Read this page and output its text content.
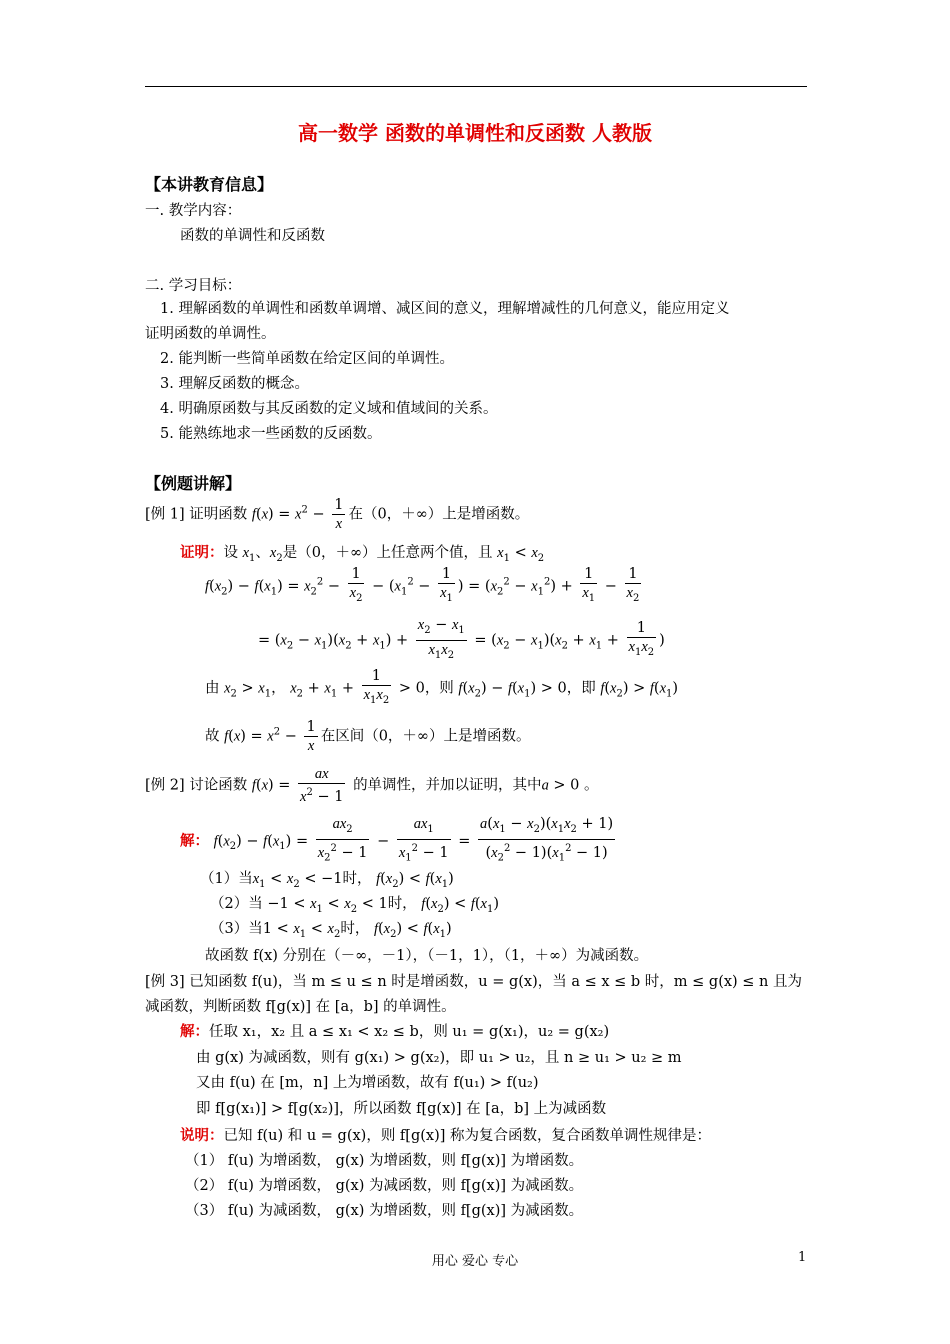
高一数学 函数的单调性和反函数 人教版
【本讲教育信息】
一. 教学内容：
函数的单调性和反函数
二. 学习目标：
1. 理解函数的单调性和函数单调增、减区间的意义，理解增减性的几何意义，能应用定义
证明函数的单调性。
2. 能判断一些简单函数在给定区间的单调性。
3. 理解反函数的概念。
4. 明确原函数与其反函数的定义域和值域间的关系。
5. 能熟练地求一些函数的反函数。
【例题讲解】
[例 1] 证明函数 $f(x) = x^2 - \frac{1}{x}$ 在（0，＋∞）上是增函数。
证明：设 $x_1$、$x_2$是（0，＋∞）上任意两个值，且 $x_1 < x_2$
$f(x_2) - f(x_1) = x_2^2 - \frac{1}{x_2} - (x_1^2 - \frac{1}{x_1}$ ) = $(x_2^2 - x_1^2) + \frac{1}{x_1} - \frac{1}{x_2}$
= $(x_2 - x_1)(x_2 + x_1) + \frac{x_2 - x_1}{x_1x_2} = (x_2 - x_1)(x_2 + x_1 + \frac{1}{x_1x_2}$ )
由 $x_2 > x_1$， $x_2 + x_1 + \frac{1}{x_1x_2} > 0$，则 $f(x_2) - f(x_1) > 0$，即 $f(x_2) > f(x_1)$
故 $f(x) = x^2 - \frac{1}{x}$ 在区间（0，＋∞）上是增函数。
[例 2] 讨论函数 $f(x) = \frac{ax}{x^2 - 1}$ 的单调性，并加以证明，其中a > 0 。
解： $f(x_2) - f(x_1) = \frac{ax_2}{x_2^2 - 1} - \frac{ax_1}{x_1^2 - 1} = \frac{a(x_1 - x_2)(x_1x_2 + 1)}{(x_2^2 - 1)(x_1^2 - 1)}$
（1）当$x_1 < x_2 < -1$时， $f(x_2) < f(x_1)$
（2）当 $-1 < x_1 < x_2 < 1$时， $f(x_2) < f(x_1)$
（3）当$1 < x_1 < x_2$时， $f(x_2) < f(x_1)$
故函数 f(x) 分别在（－∞，－1），（－1，1），（1，＋∞）为减函数。
[例 3] 已知函数 f(u)，当 m ≤ u ≤ n 时是增函数，u = g(x)，当 a ≤ x ≤ b 时，m ≤ g(x) ≤ n 且为
减函数，判断函数 f[g(x)] 在 [a，b] 的单调性。
解：任取 x₁，x₂ 且 a ≤ x₁ < x₂ ≤ b，则 u₁ = g(x₁)，u₂ = g(x₂)
由 g(x) 为减函数，则有 g(x₁) > g(x₂)，即 u₁ > u₂，且 n ≥ u₁ > u₂ ≥ m
又由 f(u) 在 [m，n] 上为增函数，故有 f(u₁) > f(u₂)
即 f[g(x₁)] > f[g(x₂)]，所以函数 f[g(x)] 在 [a，b] 上为减函数
说明：已知 f(u) 和 u = g(x)，则 f[g(x)] 称为复合函数，复合函数单调性规律是：
（1） f(u) 为增函数， g(x) 为增函数，则 f[g(x)] 为增函数。
（2） f(u) 为增函数， g(x) 为减函数，则 f[g(x)] 为减函数。
（3） f(u) 为减函数， g(x) 为增函数，则 f[g(x)] 为减函数。
用心 爱心 专心	1
